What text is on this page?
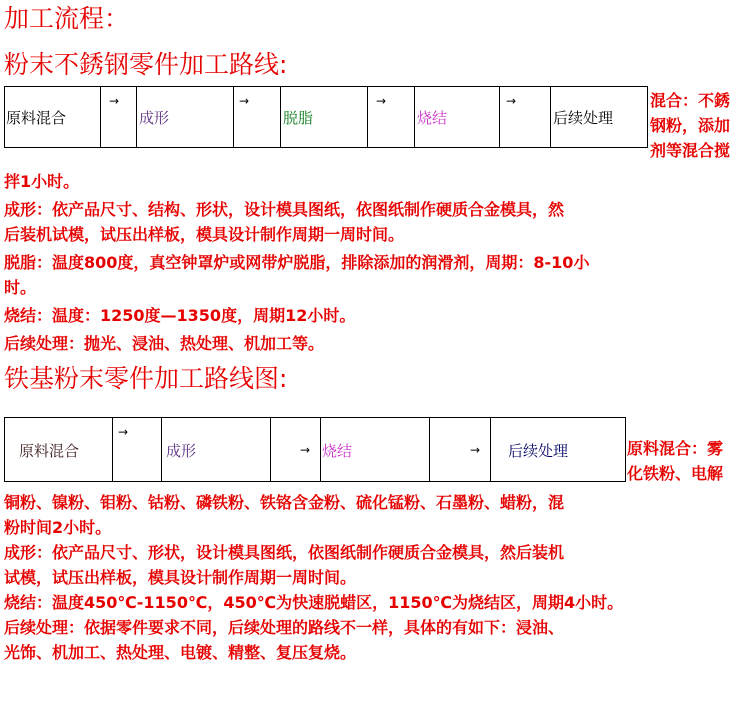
加工流程：
粉末不銹钢零件加工路线:
原料混合
→
成形
→
脱脂
→
烧结
→
后续处理
混合：不銹
钢粉，添加
剂等混合搅
拌1小时。
成形：依产品尺寸、结构、形状，设计模具图纸，依图纸制作硬质合金模具，然
后装机试模，试压出样板，模具设计制作周期一周时间。
脱脂：温度800度，真空钟罩炉或网带炉脱脂，排除添加的润滑剂，周期：8-10小
时。
烧结：温度：1250度—1350度，周期12小时。
后续处理：抛光、浸油、热处理、机加工等。
铁基粉末零件加工路线图:
原料混合
→
成形	→ 烧结	→ 后续处理	原料混合：雾
化铁粉、电解
铜粉、镍粉、钼粉、钴粉、磷铁粉、铁铬含金粉、硫化锰粉、石墨粉、蜡粉，混
粉时间2小时。
成形：依产品尺寸、形状，设计模具图纸，依图纸制作硬质合金模具，然后装机
试模，试压出样板，模具设计制作周期一周时间。
烧结：温度450℃-1150℃，450℃为快速脱蜡区，1150℃为烧结区，周期4小时。
后续处理：依据零件要求不同，后续处理的路线不一样，具体的有如下：浸油、
光饰、机加工、热处理、电镀、精整、复压复烧。
